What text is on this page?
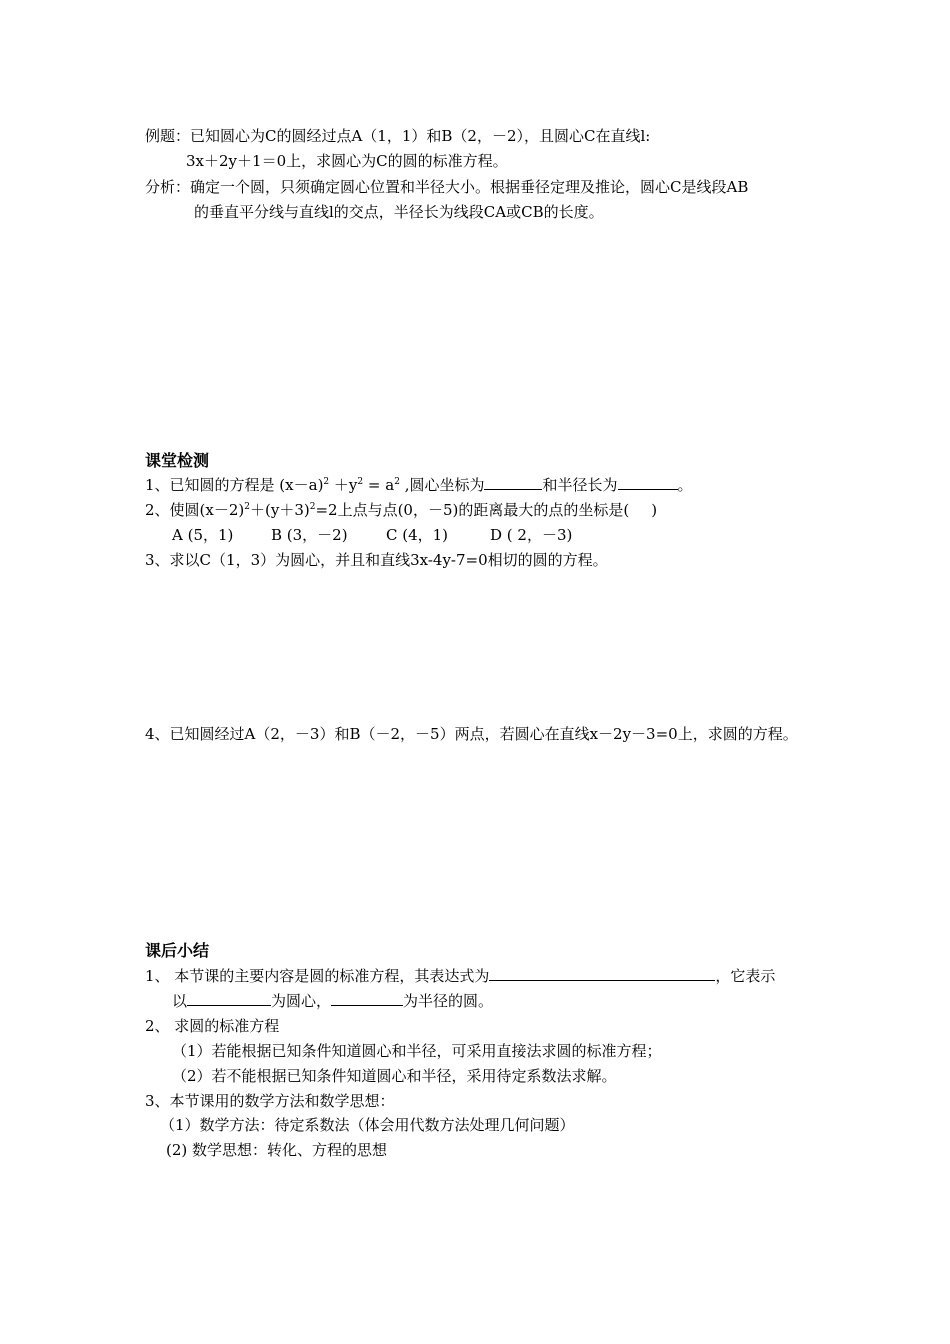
例题：已知圆心为C的圆经过点A（1，1）和B（2，－2），且圆心C在直线l:
3x＋2y＋1＝0上，求圆心为C的圆的标准方程。
分析：确定一个圆，只须确定圆心位置和半径大小。根据垂径定理及推论，圆心C是线段AB
的垂直平分线与直线l的交点，半径长为线段CA或CB的长度。
课堂检测
1、已知圆的方程是 $(x-a)^2 +y^2 = a^2$ ,圆心坐标为	和半径长为	。
2、使圆$(x-2)^2+(y+3)^2=2$上点与点(0，－5)的距离最大的点的坐标是( )
A (5，1)	B (3，－2)	C (4，1)	D ( 2，－3)
3、求以C（1，3）为圆心，并且和直线3x-4y-7=0相切的圆的方程。
4、已知圆经过A（2，－3）和B（－2，－5）两点，若圆心在直线x－2y－3=0上，求圆的方程。
课后小结
1、 本节课的主要内容是圆的标准方程，其表达式为	，它表示
以	为圆心，	为半径的圆。
2、 求圆的标准方程
（1）若能根据已知条件知道圆心和半径，可采用直接法求圆的标准方程；
（2）若不能根据已知条件知道圆心和半径，采用待定系数法求解。
3、本节课用的数学方法和数学思想：
（1）数学方法：待定系数法（体会用代数方法处理几何问题）
(2) 数学思想：转化、方程的思想
